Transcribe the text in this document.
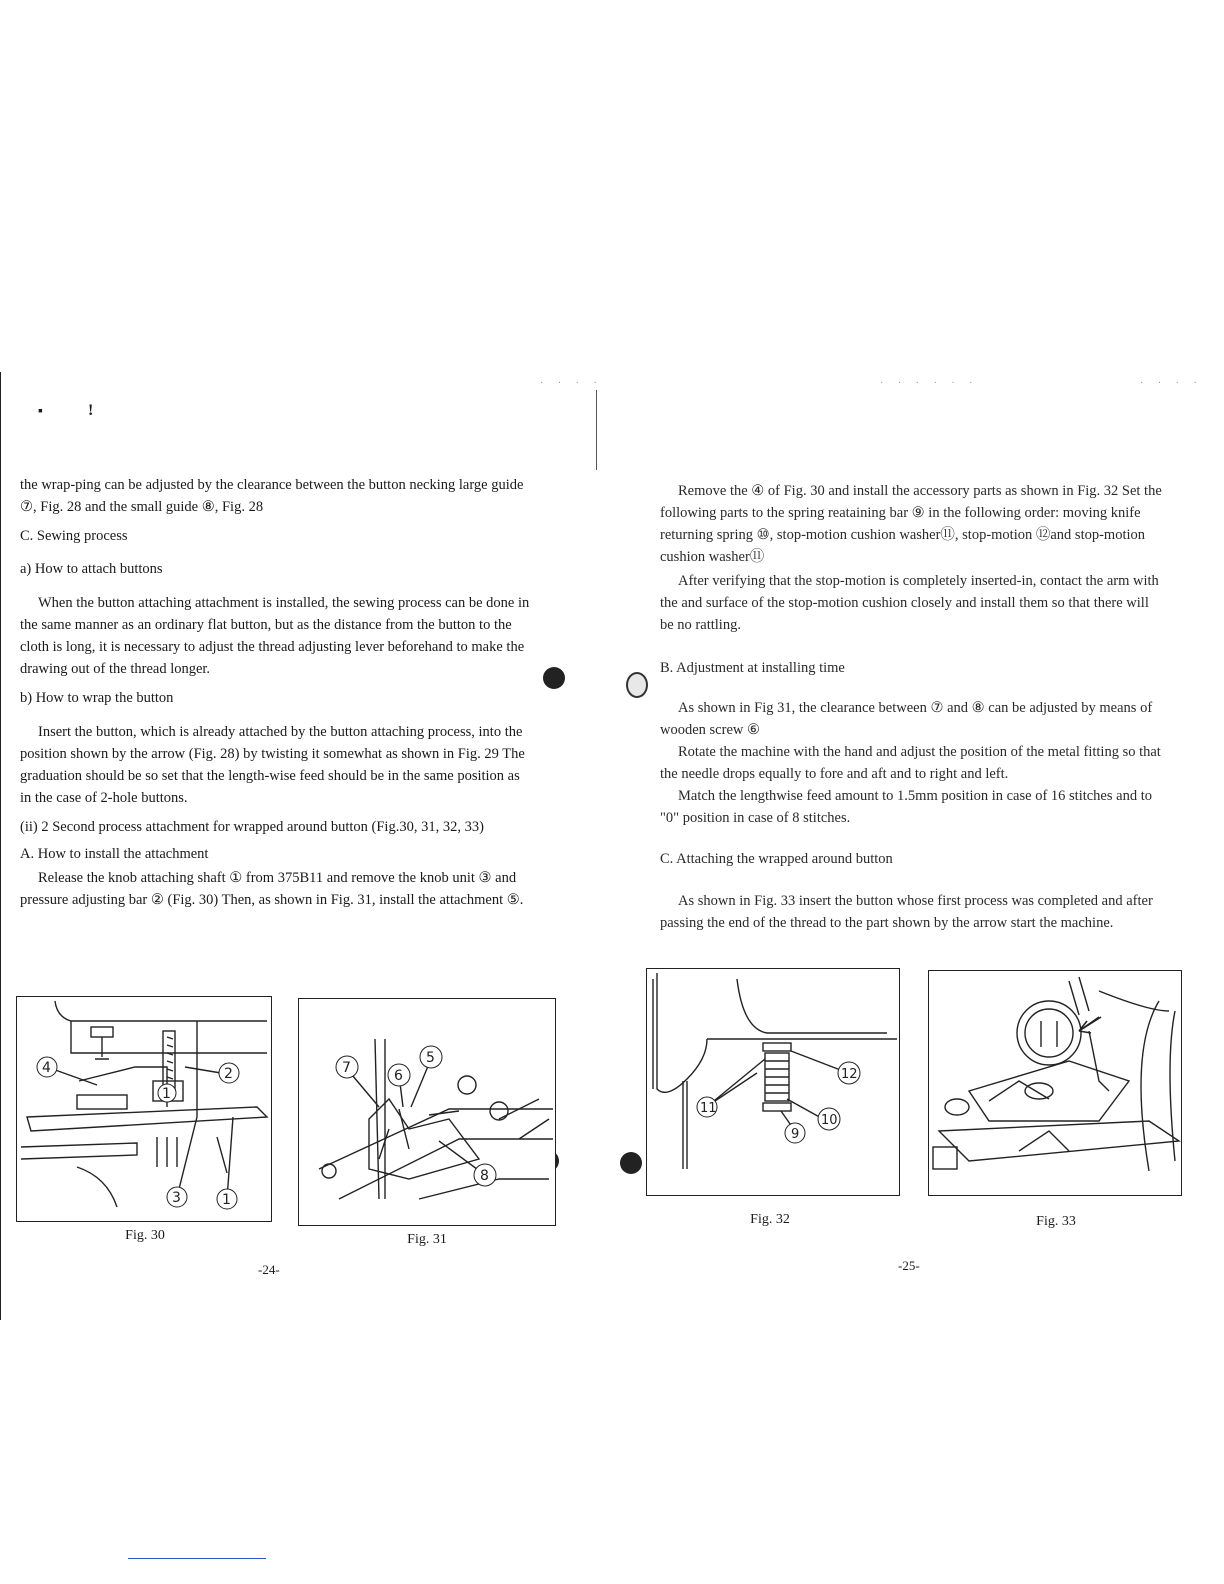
· · · ·	· · · · · ·	· · · ·
▪	!

the wrap-ping can be adjusted by the clearance between the button necking large guide ⑦, Fig. 28 and the small guide ⑧, Fig. 28

C. Sewing process

a) How to attach buttons

When the button attaching attachment is installed, the sewing process can be done in the same manner as an ordinary flat button, but as the distance from the button to the cloth is long, it is necessary to adjust the thread adjusting lever beforehand to make the drawing out of the thread longer.

b) How to wrap the button

Insert the button, which is already attached by the button attaching process, into the position shown by the arrow (Fig. 28) by twisting it somewhat as shown in Fig. 29 The graduation should be so set that the length-wise feed should be in the same position as in the case of 2-hole buttons.

(ii) 2 Second process attachment for wrapped around button (Fig.30, 31, 32, 33)

A. How to install the attachment

Release the knob attaching shaft ① from 375B11 and remove the knob unit ③ and pressure adjusting bar ② (Fig. 30) Then, as shown in Fig. 31, install the attachment ⑤.

4	2
1
3	1
Fig. 30
7	6
5
8
Fig. 31
-24-

Remove the ④ of Fig. 30 and install the accessory parts as shown in Fig. 32 Set the following parts to the spring reataining bar ⑨ in the following order: moving knife returning spring ⑩, stop-motion cushion washer⑪, stop-motion ⑫and stop-motion cushion washer⑪

After verifying that the stop-motion is completely inserted-in, contact the arm with the and surface of the stop-motion cushion closely and install them so that there will be no rattling.

B. Adjustment at installing time

As shown in Fig 31, the clearance between ⑦ and ⑧ can be adjusted by means of wooden screw ⑥

Rotate the machine with the hand and adjust the position of the metal fitting so that the needle drops equally to fore and aft and to right and left.

Match the lengthwise feed amount to 1.5mm position in case of 16 stitches and to "0" position in case of 8 stitches.

C. Attaching the wrapped around button

As shown in Fig. 33 insert the button whose first process was completed and after passing the end of the thread to the part shown by the arrow start the machine.

12
11
10
9
Fig. 32	Fig. 33
-25-
